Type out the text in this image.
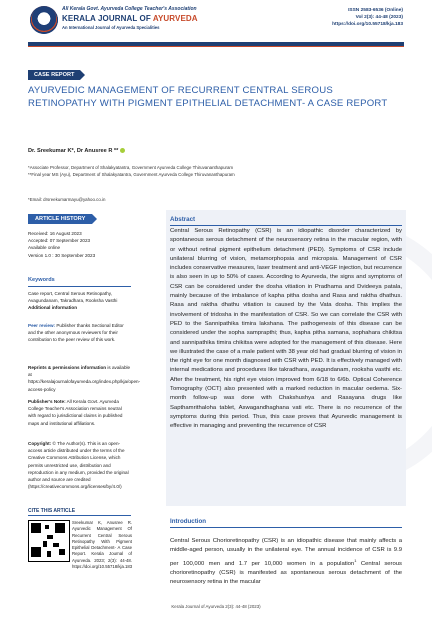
All Kerala Govt. Ayurveda College Teacher's Association
KERALA JOURNAL OF AYURVEDA
An International Journal of Ayurveda Specialities
ISSN 2583-6536 (Online)
Vol 2(3): 44-48 (2023)
https://doi.org/10.55718/kja.183
CASE REPORT
AYURVEDIC MANAGEMENT OF RECURRENT CENTRAL SEROUS RETINOPATHY WITH PIGMENT EPITHELIAL DETACHMENT- A CASE REPORT
Dr. Sreekumar K*, Dr Anusree R **
*Associate Professor, Department of Shalakyatantra, Government Ayurveda College Thiruvananthapuram
**Final year MS (Ayu), Department of Shalakyatantra, Government Ayurveda College Thiruvananthapuram
*Email: drsreekumarmayu@yahoo.co.in
ARTICLE HISTORY
Received: 16 August 2023
Accepted: 07 September 2023
Available online
Version 1.0 : 30 September 2023
Keywords
Case report, Central Serous Retinopathy, Avagundanam, Takradhara, Rooksha Vasthi
Additional information
Peer review: Publisher thanks Sectional Editor and the other anonymous reviewers for their contribution to the peer review of this work.
Reprints & permissions information is available at https://keralajournalofayurveda.org/index.php/kja/open-access-policy
Publisher's Note: All Kerala Govt. Ayurveda College Teacher's Association remains neutral with regard to jurisdictional claims in published maps and institutional affiliations.
Copyright: © The Author(s). This is an open-access article distributed under the terms of the Creative Commons Attribution License, which permits unrestricted use, distribution and reproduction in any medium, provided the original author and source are credited (https://creativecommons.org/licenses/by/4.0/)
CITE THIS ARTICLE
Sreekumar K, Anusree R. Ayurvedic Management Of Recurrent Central Serous Retinopathy With Pigment Epithelial Detachment- A Case Report. Kerala Journal of Ayurveda. 2023; 2(3): 44-48. https://doi.org/10.55718/kja.183
Abstract
Central Serous Retinopathy (CSR) is an idiopathic disorder characterized by spontaneous serous detachment of the neurosensory retina in the macular region, with or without retinal pigment epithelium detachment (PED). Symptoms of CSR include unilateral blurring of vision, metamorphopsia and micropsia. Management of CSR includes conservative measures, laser treatment and anti-VEGF injection, but recurrence is also seen in up to 50% of cases. According to Ayurveda, the signs and symptoms of CSR can be considered under the dosha vitiation in Pradhama and Dvideeya patala, mainly because of the imbalance of kapha pitha dosha and Rasa and raktha dhathus. Rasa and raktha dhathu vitiation is caused by the Vata dosha. This implies the involvement of tridosha in the manifestation of CSR. So we can correlate the CSR with PED to the Sannipathika timira lakshana. The pathogenesis of this disease can be considered under the sopha samprapthi; thus, kapha pitha samana, sophahara chikitsa and sannipathika timira chikitsa were adopted for the management of this disease. Here we illustrated the case of a male patient with 38 year old had gradual blurring of vision in the right eye for one month diagnosed with CSR with PED. It is effectively managed with internal medications and procedures like takradhara, avagundanam, rooksha vasthi etc. After the treatment, his right eye vision improved from 6/18 to 6/6b. Optical Coherence Tomography (OCT) also presented with a marked reduction in macular oedema. Six-month follow-up was done with Chakshushya and Rasayana drugs like Sapthamrithaloha tablet, Aswagandhaghana vati etc. There is no recurrence of the symptoms during this period. Thus, this case proves that Ayurvedic management is effective in managing and preventing the recurrence of CSR
Introduction
Central Serous Chorioretinopathy (CSR) is an idiopathic disease that mainly affects a middle-aged person, usually in the unilateral eye. The annual incidence of CSR is 9.9 per 100,000 men and 1.7 per 10,000 women in a population$^1$ Central serous chorioretinopathy (CSR) is manifested as spontaneous serous detachment of the neurosensory retina in the macular
Kerala Journal of Ayurveda 2(3): 44-48 (2023)
